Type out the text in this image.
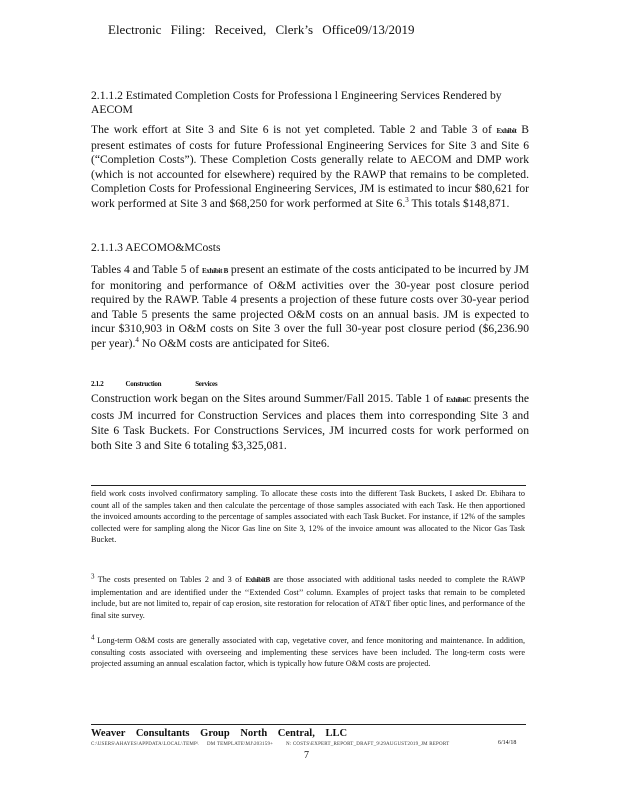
Electronic Filing: Received, Clerk’s Office09/13/2019
2.1.1.2 Estimated Completion Costs for Professiona l Engineering Services Rendered by AECOM
The work effort at Site 3 and Site 6 is not yet completed. Table 2 and Table 3 of Exhibit B present estimates of costs for future Professional Engineering Services for Site 3 and Site 6 (“Completion Costs”). These Completion Costs generally relate to AECOM and DMP work (which is not accounted for elsewhere) required by the RAWP that remains to be completed. Completion Costs for Professional Engineering Services, JM is estimated to incur $80,621 for work performed at Site 3 and $68,250 for work performed at Site 6.$^3$ This totals $148,871.
2.1.1.3 AECOMO&MCosts
Tables 4 and Table 5 of Exhibit B present an estimate of the costs anticipated to be incurred by JM for monitoring and performance of O&M activities over the 30-year post closure period required by the RAWP. Table 4 presents a projection of these future costs over 30-year period and Table 5 presents the same projected O&M costs on an annual basis. JM is expected to incur $310,903 in O&M costs on Site 3 over the full 30-year post closure period ($6,236.90 per year).$^4$ No O&M costs are anticipated for Site6.
2.1.2	Construction	Services
Construction work began on the Sites around Summer/Fall 2015. Table 1 of ExhibitC presents the costs JM incurred for Construction Services and places them into corresponding Site 3 and Site 6 Task Buckets. For Constructions Services, JM incurred costs for work performed on both Site 3 and Site 6 totaling $3,325,081.
field work costs involved confirmatory sampling. To allocate these costs into the different Task Buckets, I asked Dr. Ebihara to count all of the samples taken and then calculate the percentage of those samples associated with each Task. He then apportioned the invoiced amounts according to the percentage of samples associated with each Task Bucket. For instance, if 12% of the samples collected were for sampling along the Nicor Gas line on Site 3, 12% of the invoice amount was allocated to the Nicor Gas Task Bucket.
3 The costs presented on Tables 2 and 3 of ExhibitB are those associated with additional tasks needed to complete the RAWP implementation and are identified under the ‘‘Extended Cost’’ column. Examples of project tasks that remain to be completed include, but are not limited to, repair of cap erosion, site restoration for relocation of AT&T fiber optic lines, and performance of the final site survey.
4 Long-term O&M costs are generally associated with cap, vegetative cover, and fence monitoring and maintenance. In addition, consulting costs associated with overseeing and implementing these services have been included. The long-term costs were projected assuming an annual escalation factor, which is typically how future O&M costs are projected.
Weaver Consultants Group North Central, LLC
C:\USERS\AHAYES\APPDATA\LOCAL\TEMP\ DM TEMPLATE\MJ\203159+	N: COSTS\EXPERT_REPORT_DRAFT_9\29AUGUST2019_JM REPORT	6/14/18
7
